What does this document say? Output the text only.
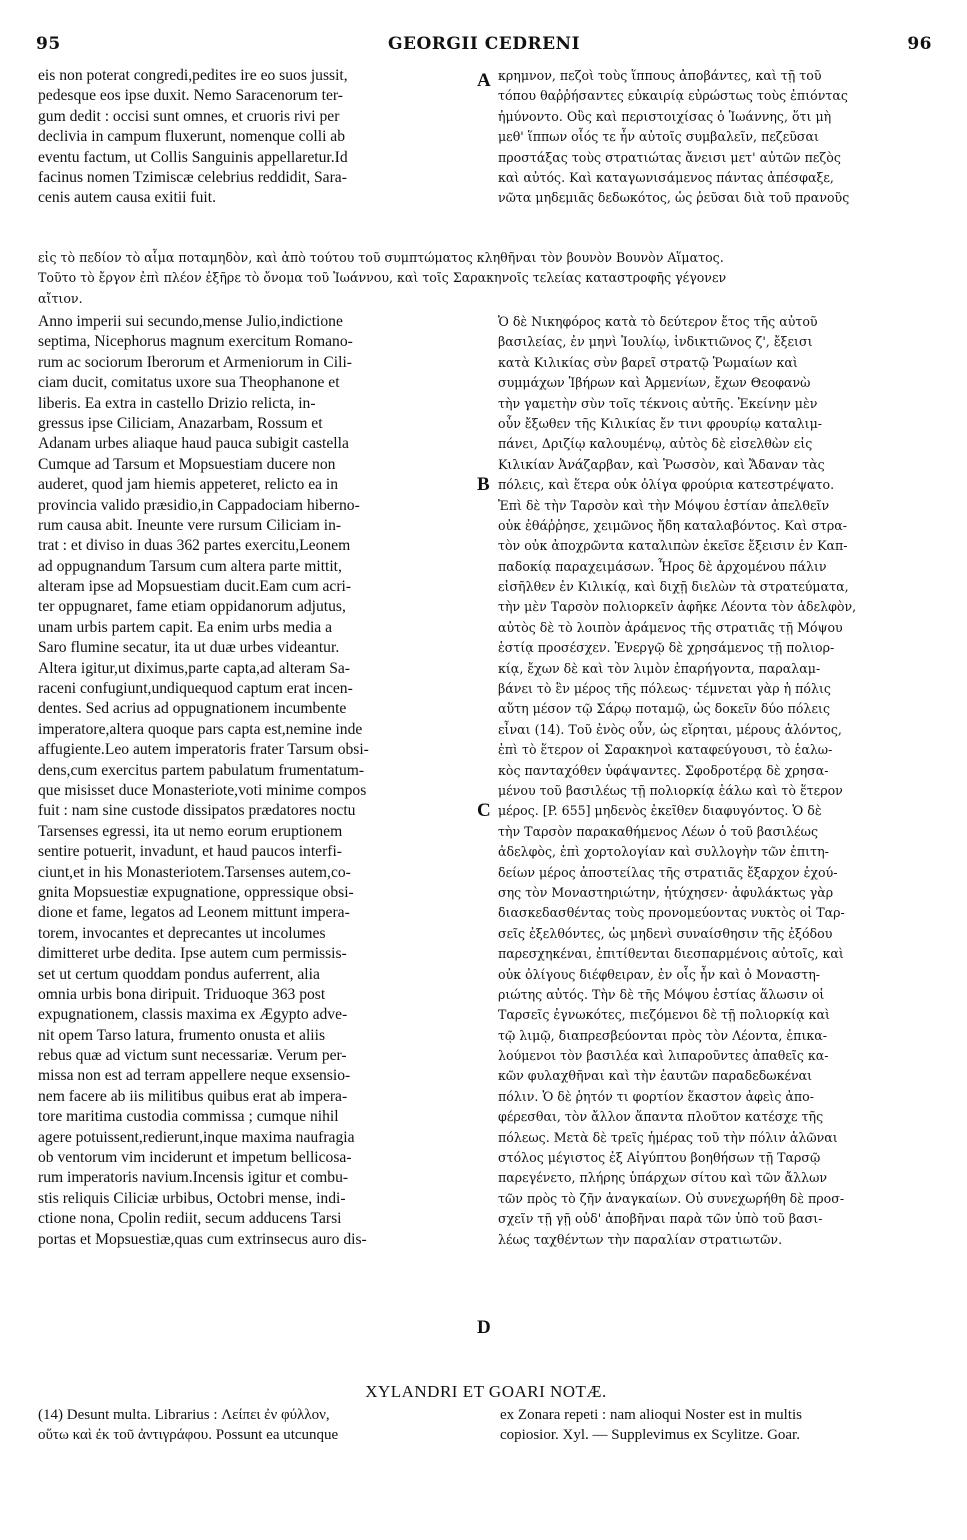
95	GEORGII CEDRENI	96
eis non poterat congredi,pedites ire eo suos jussit,
pedesque eos ipse duxit. Nemo Saracenorum ter-
gum dedit : occisi sunt omnes, et cruoris rivi per
declivia in campum fluxerunt, nomenque colli ab
eventu factum, ut Collis Sanguinis appellaretur.Id
facinus nomen Tzimiscæ celebrius reddidit, Sara-
cenis autem causa exitii fuit.
κρημνον, πεζοὶ τοὺς ἵππους ἀποβάντες, καὶ τῇ τοῦ
τόπου θαῤῥήσαντες εὐκαιρίᾳ εὐρώστως τοὺς ἐπιόντας
ἠμύνοντο. Οὓς καὶ περιστοιχίσας ὁ Ἰωάννης, ὅτι μὴ
μεθ' ἵππων οἷός τε ἦν αὐτοῖς συμβαλεῖν, πεζεῦσαι
προστάξας τοὺς στρατιώτας ἄνεισι μετ' αὐτῶν πεζὸς
καὶ αὐτός. Καὶ καταγωνισάμενος πάντας ἀπέσφαξε,
νῶτα μηδεμιᾶς δεδωκότος, ὡς ῥεῦσαι διὰ τοῦ πρανοῦς
εἰς τὸ πεδίον τὸ αἷμα ποταμηδὸν, καὶ ἀπὸ τούτου τοῦ συμπτώματος κληθῆναι τὸν βουνὸν Βουνὸν Αἵματος.
Τοῦτο τὸ ἔργον ἐπὶ πλέον ἐξῆρε τὸ ὄνομα τοῦ Ἰωάννου, καὶ τοῖς Σαρακηνοῖς τελείας καταστροφῆς γέγονεν
αἴτιον.
Anno imperii sui secundo,mense Julio,indictione
septima, Nicephorus magnum exercitum Romano-
rum ac sociorum Iberorum et Armeniorum in Cili-
ciam ducit, comitatus uxore sua Theophanone et
liberis. Ea extra in castello Drizio relicta, in-
gressus ipse Ciliciam, Anazarbam, Rossum et
Adanam urbes aliaque haud pauca subigit castella
Cumque ad Tarsum et Mopsuestiam ducere non
auderet, quod jam hiemis appeteret, relicto ea in
provincia valido præsidio,in Cappadociam hiberno-
rum causa abit. Ineunte vere rursum Ciliciam in-
trat : et diviso in duas 362 partes exercitu,Leonem
ad oppugnandum Tarsum cum altera parte mittit,
alteram ipse ad Mopsuestiam ducit.Eam cum acri-
ter oppugnaret, fame etiam oppidanorum adjutus,
unam urbis partem capit. Ea enim urbs media a
Saro flumine secatur, ita ut duæ urbes videantur.
Altera igitur,ut diximus,parte capta,ad alteram Sa-
raceni confugiunt,undiquequod captum erat incen-
dentes. Sed acrius ad oppugnationem incumbente
imperatore,altera quoque pars capta est,nemine inde
affugiente.Leo autem imperatoris frater Tarsum obsi-
dens,cum exercitus partem pabulatum frumentatum-
que misisset duce Monasteriote,voti minime compos
fuit : nam sine custode dissipatos prædatores noctu
Tarsenses egressi, ita ut nemo eorum eruptionem
sentire potuerit, invadunt, et haud paucos interfi-
ciunt,et in his Monasteriotem.Tarsenses autem,co-
gnita Mopsuestiæ expugnatione, oppressique obsi-
dione et fame, legatos ad Leonem mittunt impera-
torem, invocantes et deprecantes ut incolumes
dimitteret urbe dedita. Ipse autem cum permissis-
set ut certum quoddam pondus auferrent, alia
omnia urbis bona diripuit. Triduoque 363 post
expugnationem, classis maxima ex Ægypto adve-
nit opem Tarso latura, frumento onusta et aliis
rebus quæ ad victum sunt necessariæ. Verum per-
missa non est ad terram appellere neque exsensio-
nem facere ab iis militibus quibus erat ab impera-
tore maritima custodia commissa ; cumque nihil
agere potuissent,redierunt,inque maxima naufragia
ob ventorum vim inciderunt et impetum bellicosa-
rum imperatoris navium.Incensis igitur et combu-
stis reliquis Ciliciæ urbibus, Octobri mense, indi-
ctione nona, Cpolin rediit, secum adducens Tarsi
portas et Mopsuestiæ,quas cum extrinsecus auro dis-
Ὁ δὲ Νικηφόρος κατὰ τὸ δεύτερον ἔτος τῆς αὐτοῦ
βασιλείας, ἐν μηνὶ Ἰουλίῳ, ἰνδικτιῶνος ζ', ἔξεισι
κατὰ Κιλικίας σὺν βαρεῖ στρατῷ Ῥωμαίων καὶ
συμμάχων Ἰβήρων καὶ Ἀρμενίων, ἔχων Θεοφανὼ
τὴν γαμετὴν σὺν τοῖς τέκνοις αὐτῆς. Ἐκείνην μὲν
οὖν ἔξωθεν τῆς Κιλικίας ἔν τινι φρουρίῳ καταλιμ-
πάνει, Δριζίῳ καλουμένῳ, αὐτὸς δὲ εἰσελθὼν εἰς
Κιλικίαν Ἀνάζαρβαν, καὶ Ῥωσσὸν, καὶ Ἄδαναν τὰς
πόλεις, καὶ ἕτερα οὐκ ὀλίγα φρούρια κατεστρέψατο.
Ἐπὶ δὲ τὴν Ταρσὸν καὶ τὴν Μόψου ἑστίαν ἀπελθεῖν
οὐκ ἐθάῤῥησε, χειμῶνος ἤδη καταλαβόντος. Καὶ στρα-
τὸν οὐκ ἀποχρῶντα καταλιπὼν ἐκεῖσε ἔξεισιν ἐν Καπ-
παδοκίᾳ παραχειμάσων. Ἦρος δὲ ἀρχομένου πάλιν
εἰσῆλθεν ἐν Κιλικίᾳ, καὶ διχῇ διελὼν τὰ στρατεύματα,
τὴν μὲν Ταρσὸν πολιορκεῖν ἀφῆκε Λέοντα τὸν ἀδελφὸν,
αὐτὸς δὲ τὸ λοιπὸν ἀράμενος τῆς στρατιᾶς τῇ Μόψου
ἑστίᾳ προσέσχεν. Ἐνεργῷ δὲ χρησάμενος τῇ πολιορ-
κίᾳ, ἔχων δὲ καὶ τὸν λιμὸν ἐπαρήγοντα, παραλαμ-
βάνει τὸ ἓν μέρος τῆς πόλεως· τέμνεται γὰρ ἡ πόλις
αὕτη μέσον τῷ Σάρῳ ποταμῷ, ὡς δοκεῖν δύο πόλεις
εἶναι (14). Τοῦ ἑνὸς οὖν, ὡς εἴρηται, μέρους ἁλόντος,
ἐπὶ τὸ ἕτερον οἱ Σαρακηνοὶ καταφεύγουσι, τὸ ἑαλω-
κὸς πανταχόθεν ὑφάψαντες. Σφοδροτέρᾳ δὲ χρησα-
μένου τοῦ βασιλέως τῇ πολιορκίᾳ ἑάλω καὶ τὸ ἕτερον
μέρος. [P. 655] μηδενὸς ἐκεῖθεν διαφυγόντος. Ὁ δὲ
τὴν Ταρσὸν παρακαθήμενος Λέων ὁ τοῦ βασιλέως
ἀδελφὸς, ἐπὶ χορτολογίαν καὶ συλλογὴν τῶν ἐπιτη-
δείων μέρος ἀποστείλας τῆς στρατιᾶς ἔξαρχον ἐχού-
σης τὸν Μοναστηριώτην, ἠτύχησεν· ἀφυλάκτως γὰρ
διασκεδασθέντας τοὺς προνομεύοντας νυκτὸς οἱ Ταρ-
σεῖς ἐξελθόντες, ὡς μηδενὶ συναίσθησιν τῆς ἐξόδου
παρεσχηκέναι, ἐπιτίθενται διεσπαρμένοις αὐτοῖς, καὶ
οὐκ ὀλίγους διέφθειραν, ἐν οἷς ἦν καὶ ὁ Μοναστη-
ριώτης αὐτός. Τὴν δὲ τῆς Μόψου ἑστίας ἅλωσιν οἱ
Ταρσεῖς ἐγνωκότες, πιεζόμενοι δὲ τῇ πολιορκίᾳ καὶ
τῷ λιμῷ, διαπρεσβεύονται πρὸς τὸν Λέοντα, ἐπικα-
λούμενοι τὸν βασιλέα καὶ λιπαροῦντες ἀπαθεῖς κα-
κῶν φυλαχθῆναι καὶ τὴν ἑαυτῶν παραδεδωκέναι
πόλιν. Ὁ δὲ ῥητόν τι φορτίον ἕκαστον ἀφεὶς ἀπο-
φέρεσθαι, τὸν ἄλλον ἅπαντα πλοῦτον κατέσχε τῆς
πόλεως. Μετὰ δὲ τρεῖς ἡμέρας τοῦ τὴν πόλιν ἁλῶναι
στόλος μέγιστος ἐξ Αἰγύπτου βοηθήσων τῇ Ταρσῷ
παρεγένετο, πλήρης ὑπάρχων σίτου καὶ τῶν ἄλλων
τῶν πρὸς τὸ ζῆν ἀναγκαίων. Οὐ συνεχωρήθη δὲ προσ-
σχεῖν τῇ γῇ οὐδ' ἀποβῆναι παρὰ τῶν ὑπὸ τοῦ βασι-
λέως ταχθέντων τὴν παραλίαν στρατιωτῶν.
A
B
C
D
XYLANDRI ET GOARI NOTÆ.
(14) Desunt multa. Librarius : Λείπει ἐν φύλλον,
οὕτω καὶ ἐκ τοῦ ἀντιγράφου. Possunt ea utcunque
ex Zonara repeti : nam alioqui Noster est in multis
copiosior. Xyl. — Supplevimus ex Scylitze. Goar.
